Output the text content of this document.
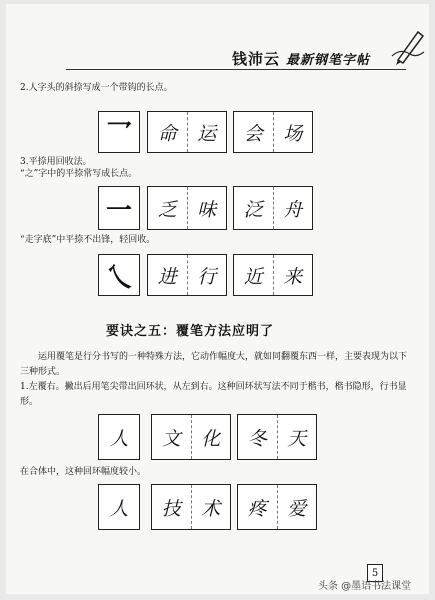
钱沛云 最新钢笔字帖
2.人字头的斜捺写成一个带钩的长点。
乛	命	运	会	场
3.平捺用回收法。
“之”字中的平捺常写成长点。
一	乏	味	泛	舟
“走字底”中平捺不出锋，轻回收。
乀	进	行	近	来
要诀之五：覆笔方法应明了
运用覆笔是行分书写的一种特殊方法，它动作幅度大，就如同翻覆东西一样，主要表现为以下三种形式。
1.左覆右。撇出后用笔尖带出回环状，从左到右。这种回环状写法不同于楷书，楷书隐形，行书显形。
人	文	化	冬	天
在合体中，这种回环幅度较小。
人	技	术	疼	爱
5
头条 @墨语书法课堂
